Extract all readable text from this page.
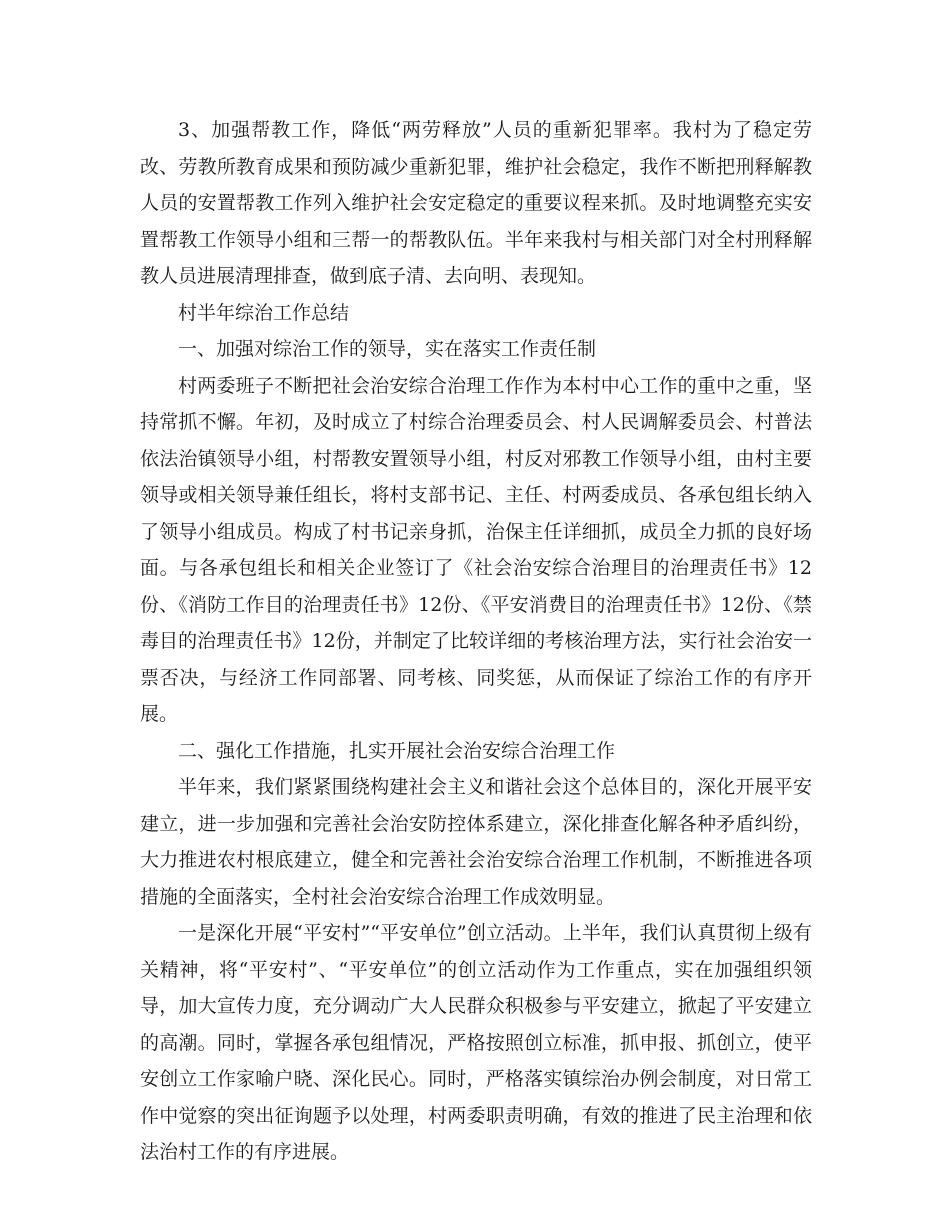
3、加强帮教工作，降低“两劳释放”人员的重新犯罪率。我村为了稳定劳改、劳教所教育成果和预防减少重新犯罪，维护社会稳定，我作不断把刑释解教人员的安置帮教工作列入维护社会安定稳定的重要议程来抓。及时地调整充实安置帮教工作领导小组和三帮一的帮教队伍。半年来我村与相关部门对全村刑释解教人员进展清理排查，做到底子清、去向明、表现知。

村半年综治工作总结

一、加强对综治工作的领导，实在落实工作责任制

村两委班子不断把社会治安综合治理工作作为本村中心工作的重中之重，坚持常抓不懈。年初，及时成立了村综合治理委员会、村人民调解委员会、村普法依法治镇领导小组，村帮教安置领导小组，村反对邪教工作领导小组，由村主要领导或相关领导兼任组长，将村支部书记、主任、村两委成员、各承包组长纳入了领导小组成员。构成了村书记亲身抓，治保主任详细抓，成员全力抓的良好场面。与各承包组长和相关企业签订了《社会治安综合治理目的治理责任书》12份、《消防工作目的治理责任书》12份、《平安消费目的治理责任书》12份、《禁毒目的治理责任书》12份，并制定了比较详细的考核治理方法，实行社会治安一票否决，与经济工作同部署、同考核、同奖惩，从而保证了综治工作的有序开展。

二、强化工作措施，扎实开展社会治安综合治理工作

半年来，我们紧紧围绕构建社会主义和谐社会这个总体目的，深化开展平安建立，进一步加强和完善社会治安防控体系建立，深化排查化解各种矛盾纠纷，大力推进农村根底建立，健全和完善社会治安综合治理工作机制，不断推进各项措施的全面落实，全村社会治安综合治理工作成效明显。

一是深化开展“平安村”“平安单位”创立活动。上半年，我们认真贯彻上级有关精神，将“平安村”、“平安单位”的创立活动作为工作重点，实在加强组织领导，加大宣传力度，充分调动广大人民群众积极参与平安建立，掀起了平安建立的高潮。同时，掌握各承包组情况，严格按照创立标准，抓申报、抓创立，使平安创立工作家喻户晓、深化民心。同时，严格落实镇综治办例会制度，对日常工作中觉察的突出征询题予以处理，村两委职责明确，有效的推进了民主治理和依法治村工作的有序进展。
